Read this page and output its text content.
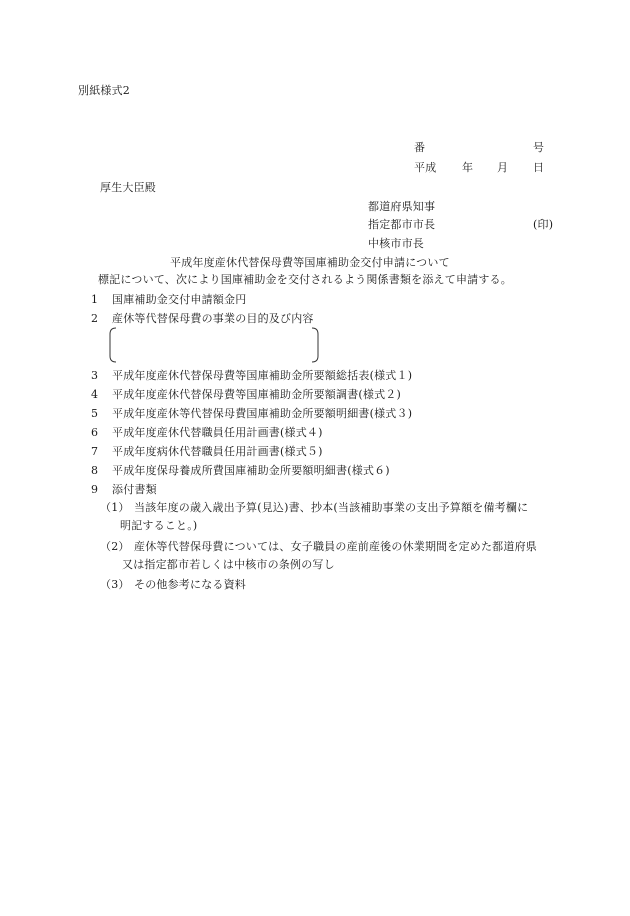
別紙様式2
番	号
平成 年 月 日
厚生大臣殿
都道府県知事
指定都市市長	(印)
中核市市長
平成年度産休代替保母費等国庫補助金交付申請について
標記について、次により国庫補助金を交付されるよう関係書類を添えて申請する。
1 国庫補助金交付申請額金円
2 産休等代替保母費の事業の目的及び内容
3 平成年度産休代替保母費等国庫補助金所要額総括表(様式１)
4 平成年度産休代替保母費等国庫補助金所要額調書(様式２)
5 平成年度産休等代替保母費国庫補助金所要額明細書(様式３)
6 平成年度産休代替職員任用計画書(様式４)
7 平成年度病休代替職員任用計画書(様式５)
8 平成年度保母養成所費国庫補助金所要額明細書(様式６)
9 添付書類
（1） 当該年度の歳入歳出予算(見込)書、抄本(当該補助事業の支出予算額を備考欄に
明記すること。)
（2） 産休等代替保母費については、女子職員の産前産後の休業期間を定めた都道府県
又は指定都市若しくは中核市の条例の写し
（3） その他参考になる資料
